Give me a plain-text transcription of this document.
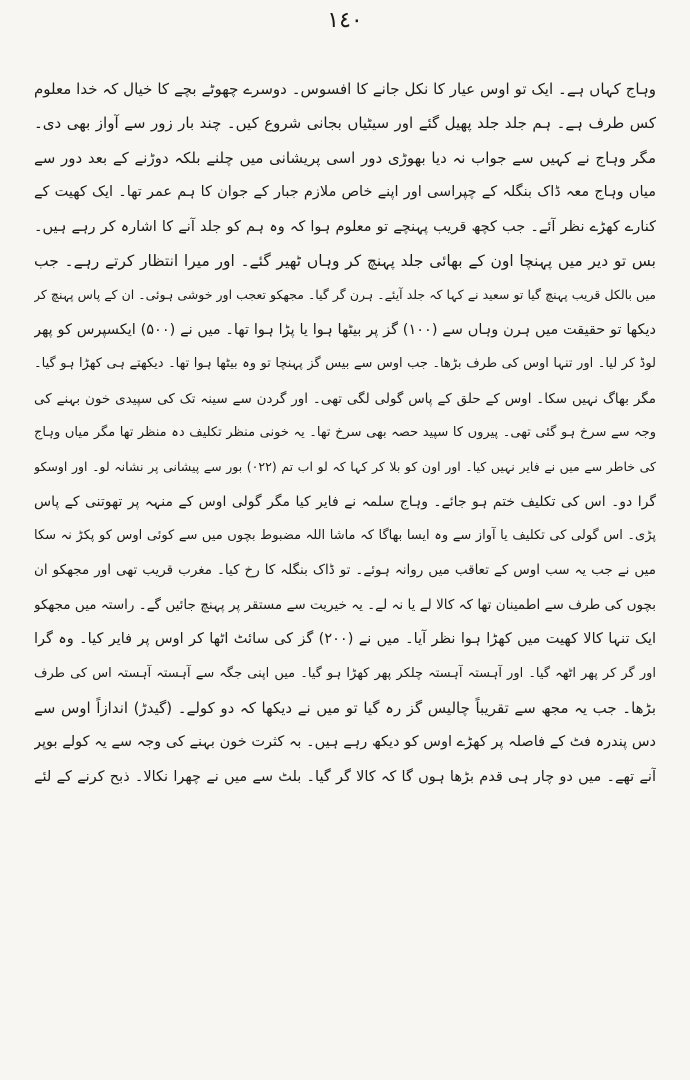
١٤٠
وہاج کہاں ہے۔ ایک تو اوس عیار کا نکل جانے کا افسوس۔ دوسرے چھوٹے بچے کا خیال کہ خدا معلوم
کس طرف ہے۔ ہم جلد جلد پھیل گئے اور سیٹیاں بجانی شروع کیں۔ چند بار زور سے آواز بھی دی۔
مگر وہاج نے کہیں سے جواب نہ دیا بھوڑی دور اسی پریشانی میں چلنے بلکہ دوڑنے کے بعد دور سے
میاں وہاج معہ ڈاک بنگلہ کے چپراسی اور اپنے خاص ملازم جبار کے جوان کا ہم عمر تھا۔ ایک کھیت کے
کنارے کھڑے نظر آئے۔ جب کچھ قریب پہنچے تو معلوم ہوا کہ وہ ہم کو جلد آنے کا اشارہ کر رہے ہیں۔
بس تو دیر میں پہنچا اون کے بھائی جلد پہنچ کر وہاں ٹھیر گئے۔ اور میرا انتظار کرتے رہے۔ جب
میں بالکل قریب پہنچ گیا تو سعید نے کہا کہ جلد آیئے۔ ہرن گر گیا۔ مجھکو تعجب اور خوشی ہوئی۔ ان کے پاس پہنچ کر
دیکھا تو حقیقت میں ہرن وہاں سے (۱۰۰) گز پر بیٹھا ہوا یا پڑا ہوا تھا۔ میں نے (۵۰۰) ایکسپرس کو پھر
لوڈ کر لیا۔ اور تنہا اوس کی طرف بڑھا۔ جب اوس سے بیس گز پہنچا تو وہ بیٹھا ہوا تھا۔ دیکھتے ہی کھڑا ہو گیا۔
مگر بھاگ نہیں سکا۔ اوس کے حلق کے پاس گولی لگی تھی۔ اور گردن سے سینہ تک کی سپیدی خون بہنے کی
وجہ سے سرخ ہو گئی تھی۔ پیروں کا سپید حصہ بھی سرخ تھا۔ یہ خونی منظر تکلیف دہ منظر تھا مگر میاں وہاج
کی خاطر سے میں نے فایر نہیں کیا۔ اور اون کو بلا کر کہا کہ لو اب تم (۰۲۲) بور سے پیشانی پر نشانہ لو۔ اور اوسکو
گرا دو۔ اس کی تکلیف ختم ہو جائے۔ وہاج سلمہ نے فایر کیا مگر گولی اوس کے منہہ پر تھوتنی کے پاس
پڑی۔ اس گولی کی تکلیف یا آواز سے وہ ایسا بھاگا کہ ماشا اللہ مضبوط بچوں میں سے کوئی اوس کو پکڑ نہ سکا
میں نے جب یہ سب اوس کے تعاقب میں روانہ ہوئے۔ تو ڈاک بنگلہ کا رخ کیا۔ مغرب قریب تھی اور مجھکو ان
بچوں کی طرف سے اطمینان تھا کہ کالا لے یا نہ لے۔ یہ خیریت سے مستقر پر پہنچ جائیں گے۔ راستہ میں مجھکو
ایک تنہا کالا کھیت میں کھڑا ہوا نظر آیا۔ میں نے (۲۰۰) گز کی سائٹ اٹھا کر اوس پر فایر کیا۔ وہ گرا
اور گر کر پھر اٹھہ گیا۔ اور آہستہ آہستہ چلکر پھر کھڑا ہو گیا۔ میں اپنی جگہ سے آہستہ آہستہ اس کی طرف
بڑھا۔ جب یہ مجھ سے تقریباً چالیس گز رہ گیا تو میں نے دیکھا کہ دو کولے۔ (گیدڑ) اندازاً اوس سے
دس پندرہ فٹ کے فاصلہ پر کھڑے اوس کو دیکھ رہے ہیں۔ بہ کثرت خون بہنے کی وجہ سے یہ کولے بوپر
آنے تھے۔ میں دو چار ہی قدم بڑھا ہوں گا کہ کالا گر گیا۔ بلٹ سے میں نے چھرا نکالا۔ ذبح کرنے کے لئے
